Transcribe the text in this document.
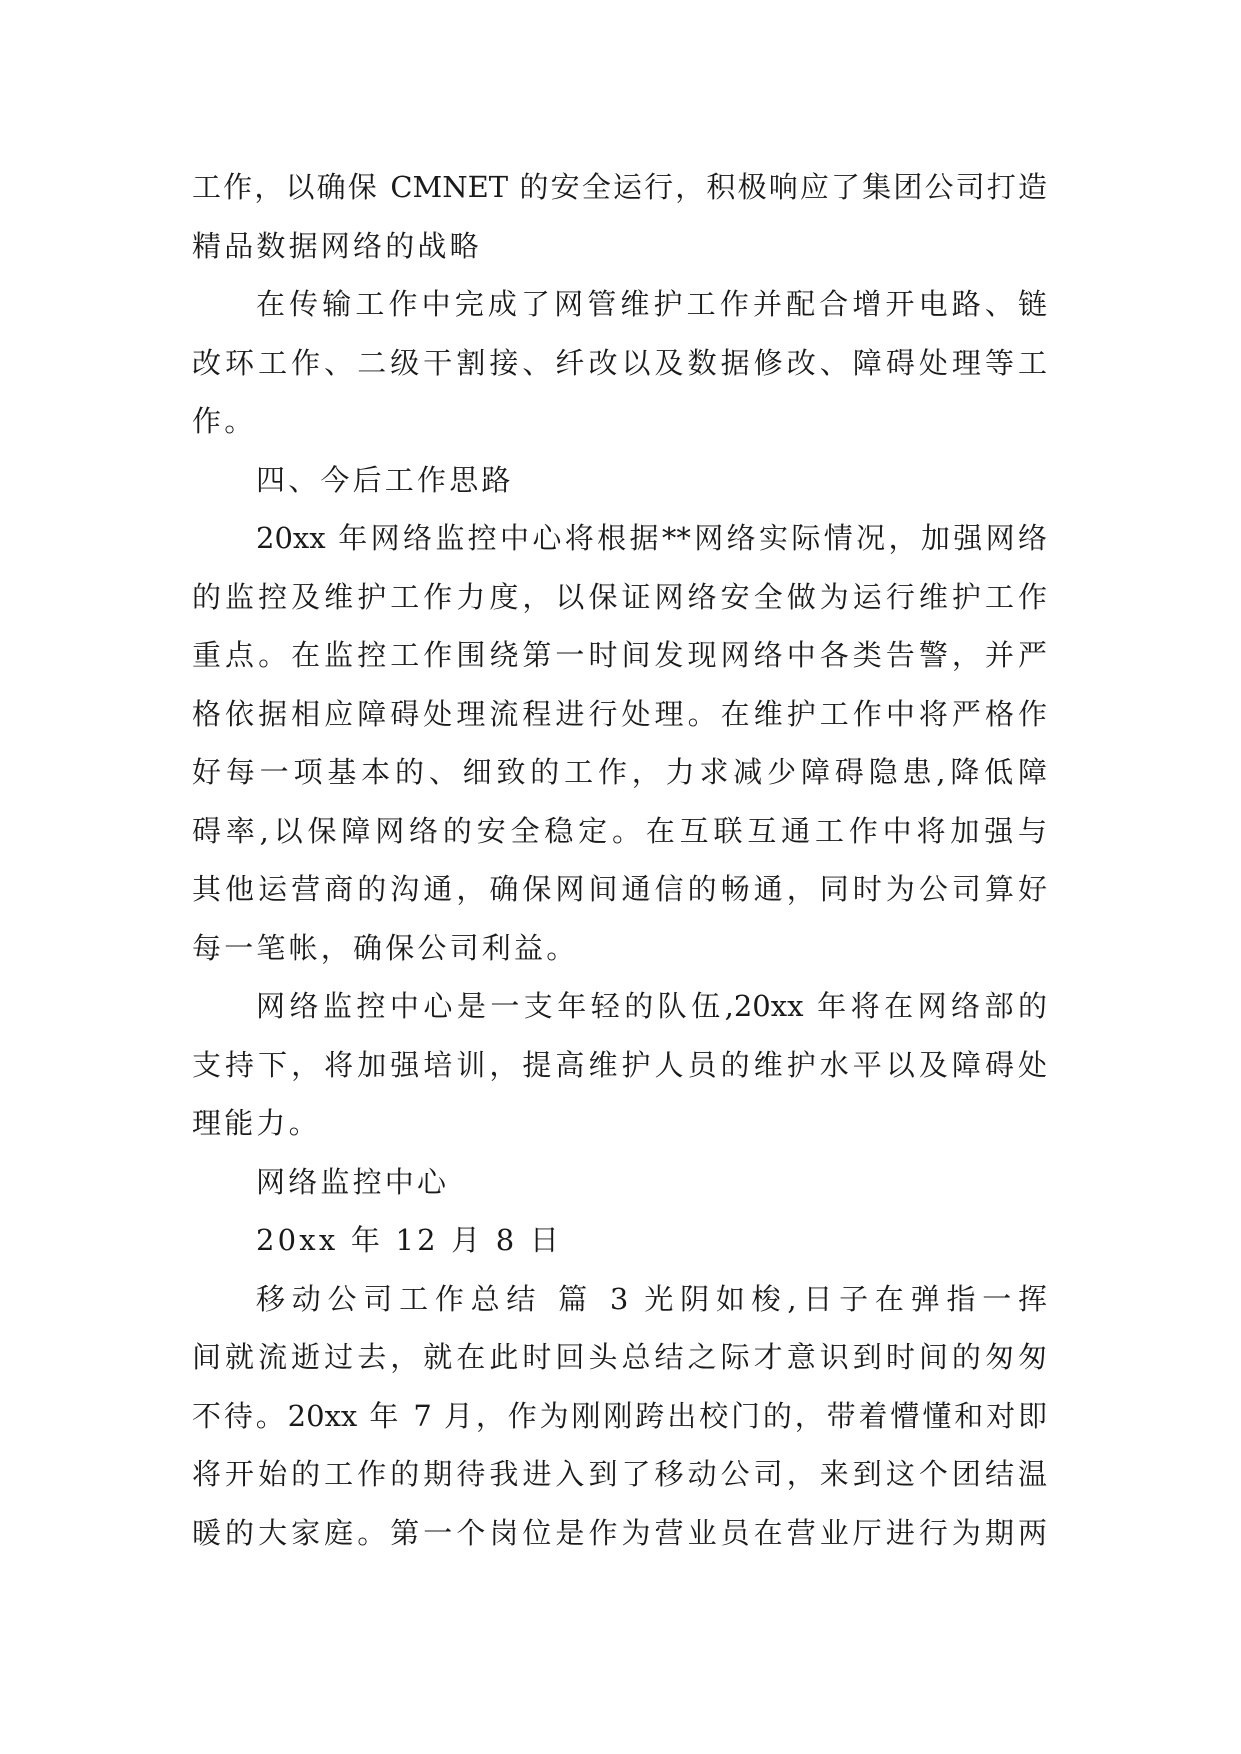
工作，以确保 CMNET 的安全运行，积极响应了集团公司打造
精品数据网络的战略
在传输工作中完成了网管维护工作并配合增开电路、链
改环工作、二级干割接、纤改以及数据修改、障碍处理等工
作。
四、今后工作思路
20xx 年网络监控中心将根据**网络实际情况，加强网络
的监控及维护工作力度，以保证网络安全做为运行维护工作
重点。在监控工作围绕第一时间发现网络中各类告警，并严
格依据相应障碍处理流程进行处理。在维护工作中将严格作
好每一项基本的、细致的工作，力求减少障碍隐患,降低障
碍率,以保障网络的安全稳定。在互联互通工作中将加强与
其他运营商的沟通，确保网间通信的畅通，同时为公司算好
每一笔帐，确保公司利益。
网络监控中心是一支年轻的队伍,20xx 年将在网络部的
支持下，将加强培训，提高维护人员的维护水平以及障碍处
理能力。
网络监控中心
20xx 年 12 月 8 日
移动公司工作总结 篇 3 光阴如梭,日子在弹指一挥
间就流逝过去，就在此时回头总结之际才意识到时间的匆匆
不待。20xx 年 7 月，作为刚刚跨出校门的，带着懵懂和对即
将开始的工作的期待我进入到了移动公司，来到这个团结温
暖的大家庭。第一个岗位是作为营业员在营业厅进行为期两
